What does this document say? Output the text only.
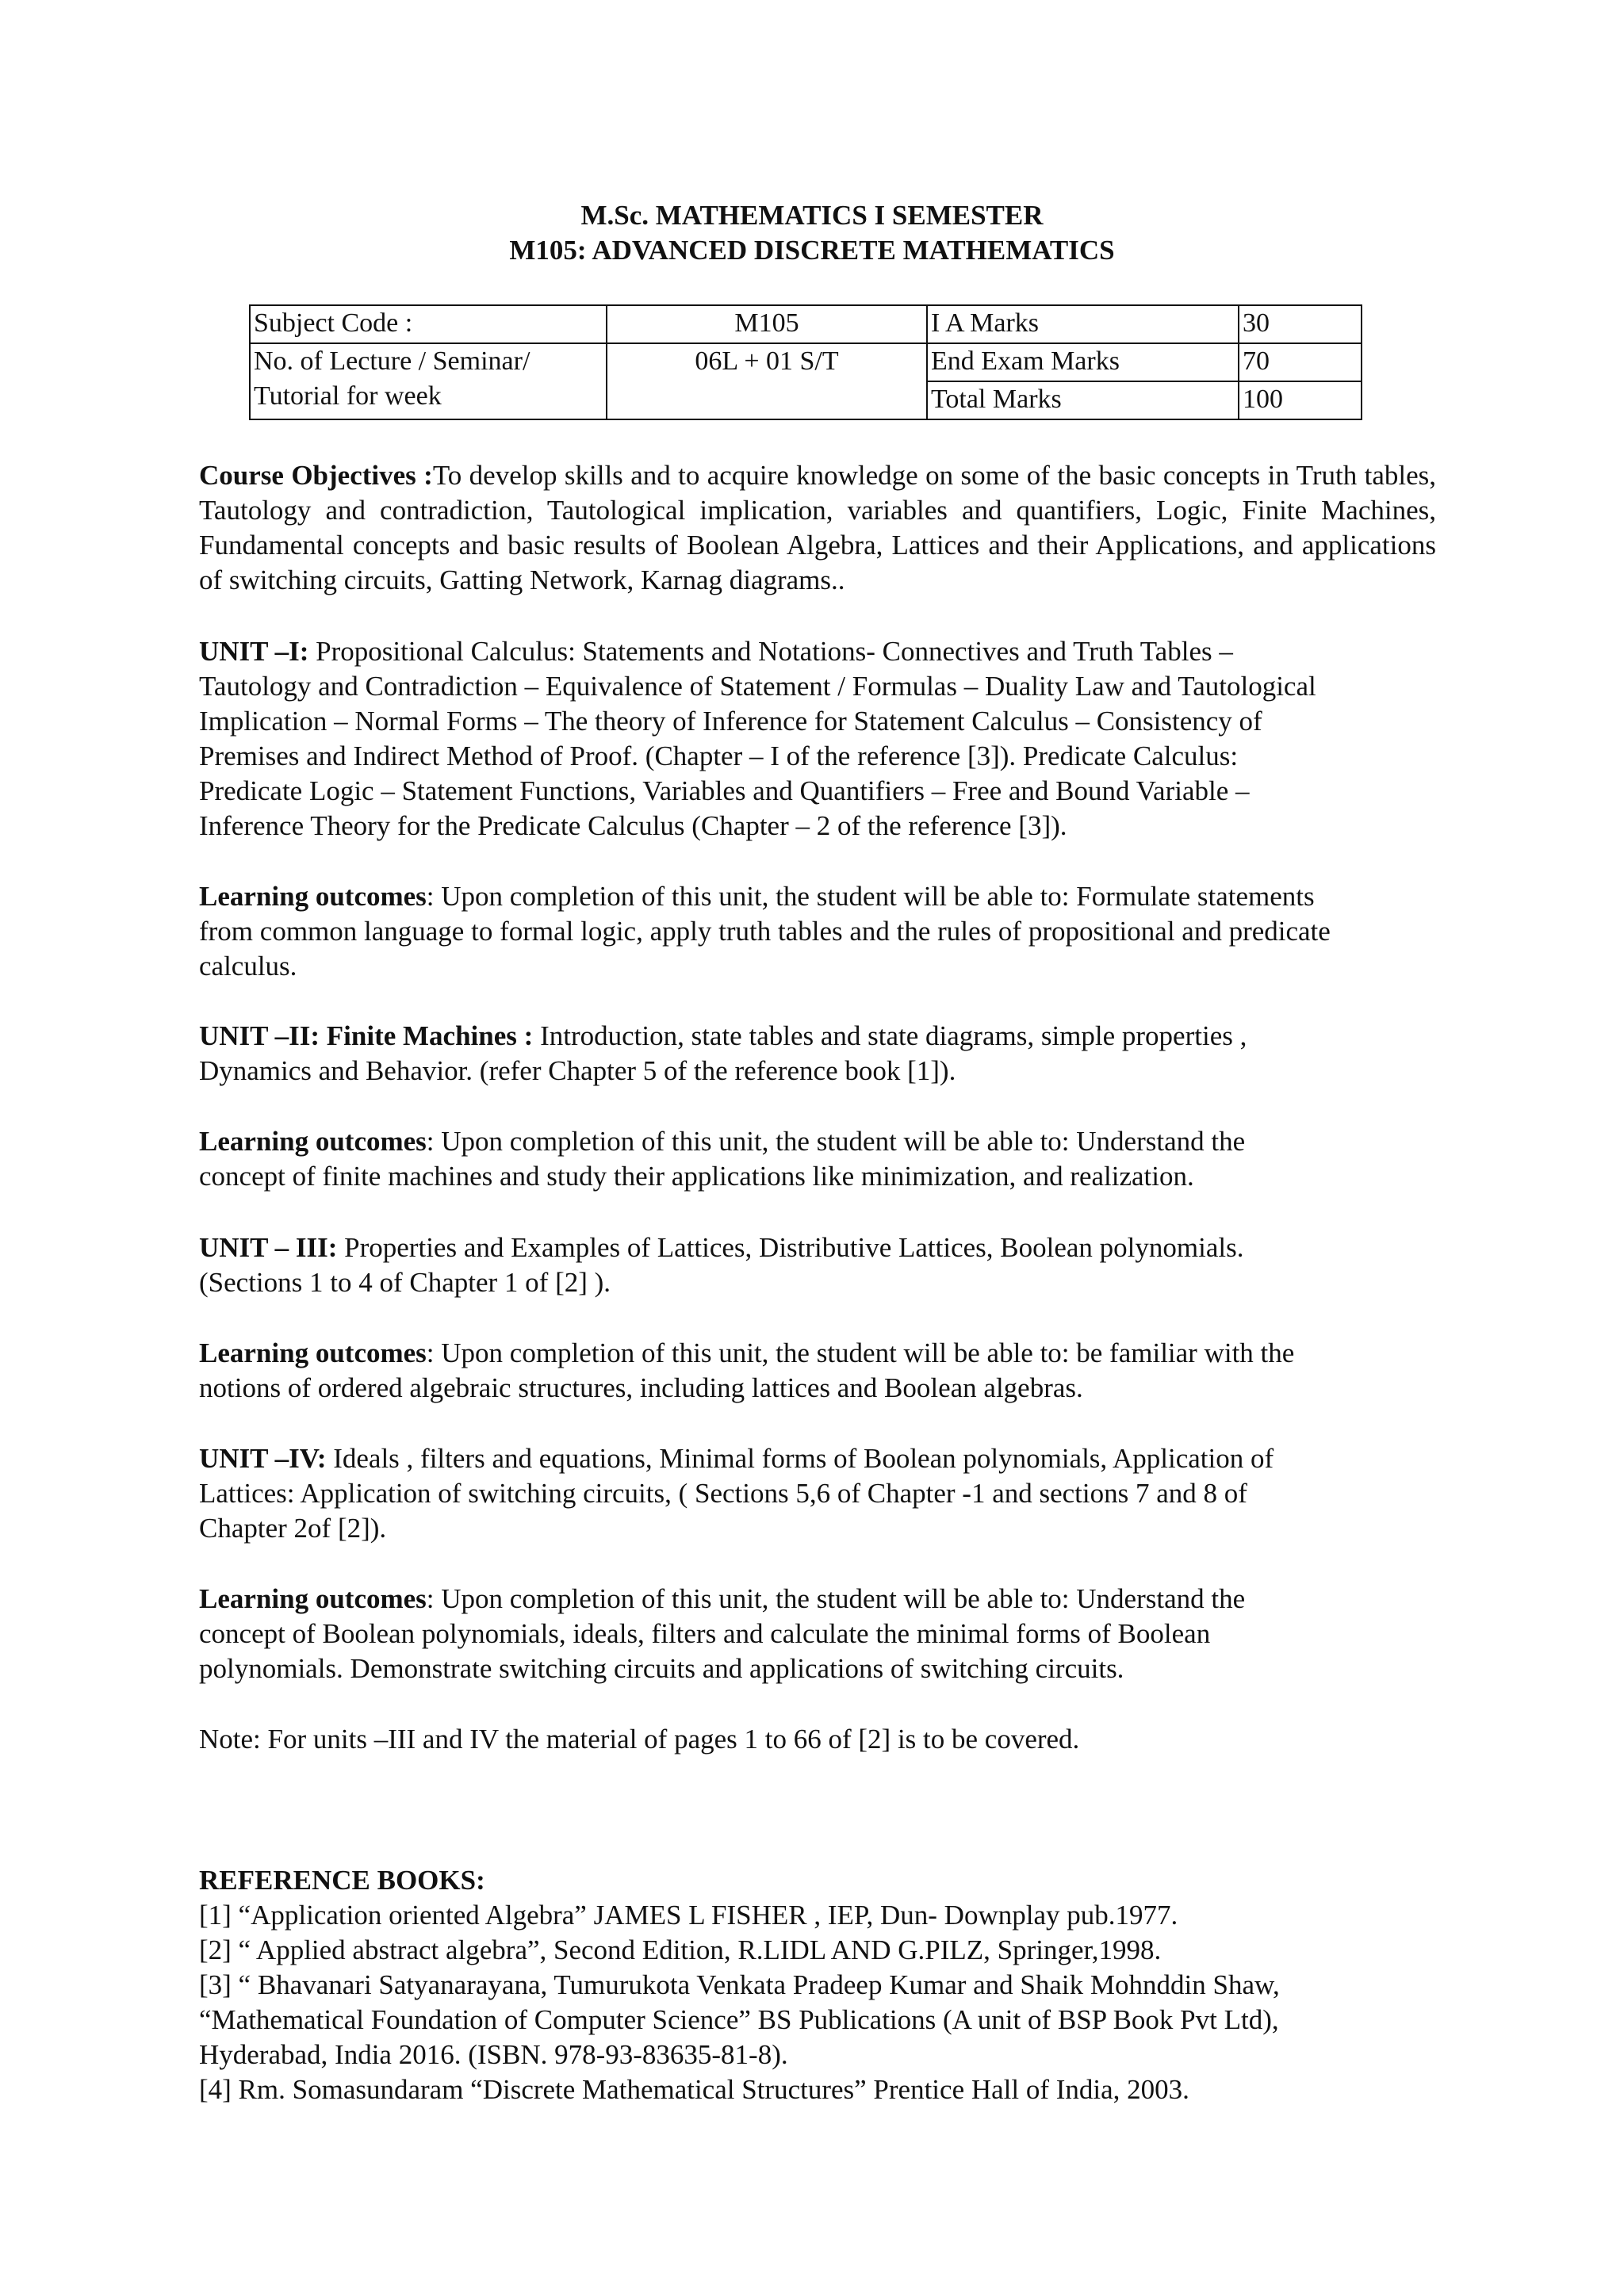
M.Sc. MATHEMATICS I SEMESTER
M105: ADVANCED DISCRETE MATHEMATICS
Subject Code :	M105	I A Marks	30

No. of Lecture / Seminar/
Tutorial for week	06L + 01 S/T	End Exam Marks	70
		Total Marks	100
Course Objectives :To develop skills and to acquire knowledge on some of the basic concepts in Truth tables, Tautology and contradiction, Tautological implication, variables and quantifiers, Logic, Finite Machines, Fundamental concepts and basic results of Boolean Algebra, Lattices and their Applications, and applications of switching circuits, Gatting Network, Karnag diagrams..
UNIT –I: Propositional Calculus: Statements and Notations- Connectives and Truth Tables –
Tautology and Contradiction – Equivalence of Statement / Formulas – Duality Law and Tautological
Implication – Normal Forms – The theory of Inference for Statement Calculus – Consistency of
Premises and Indirect Method of Proof. (Chapter – I of the reference [3]). Predicate Calculus:
Predicate Logic – Statement Functions, Variables and Quantifiers – Free and Bound Variable –
Inference Theory for the Predicate Calculus (Chapter – 2 of the reference [3]).
Learning outcomes: Upon completion of this unit, the student will be able to: Formulate statements
from common language to formal logic, apply truth tables and the rules of propositional and predicate
calculus.
UNIT –II: Finite Machines : Introduction, state tables and state diagrams, simple properties ,
Dynamics and Behavior. (refer Chapter 5 of the reference book [1]).
Learning outcomes: Upon completion of this unit, the student will be able to: Understand the
concept of finite machines and study their applications like minimization, and realization.
UNIT – III: Properties and Examples of Lattices, Distributive Lattices, Boolean polynomials.
(Sections 1 to 4 of Chapter 1 of [2] ).
Learning outcomes: Upon completion of this unit, the student will be able to: be familiar with the
notions of ordered algebraic structures, including lattices and Boolean algebras.
UNIT –IV: Ideals , filters and equations, Minimal forms of Boolean polynomials, Application of
Lattices: Application of switching circuits, ( Sections 5,6 of Chapter -1 and sections 7 and 8 of
Chapter 2of [2]).
Learning outcomes: Upon completion of this unit, the student will be able to: Understand the
concept of Boolean polynomials, ideals, filters and calculate the minimal forms of Boolean
polynomials. Demonstrate switching circuits and applications of switching circuits.
Note: For units –III and IV the material of pages 1 to 66 of [2] is to be covered.
REFERENCE BOOKS:
[1] “Application oriented Algebra” JAMES L FISHER , IEP, Dun- Downplay pub.1977.
[2] “ Applied abstract algebra”, Second Edition, R.LIDL AND G.PILZ, Springer,1998.
[3] “ Bhavanari Satyanarayana, Tumurukota Venkata Pradeep Kumar and Shaik Mohnddin Shaw,
“Mathematical Foundation of Computer Science” BS Publications (A unit of BSP Book Pvt Ltd),
Hyderabad, India 2016. (ISBN. 978-93-83635-81-8).
[4] Rm. Somasundaram “Discrete Mathematical Structures” Prentice Hall of India, 2003.
